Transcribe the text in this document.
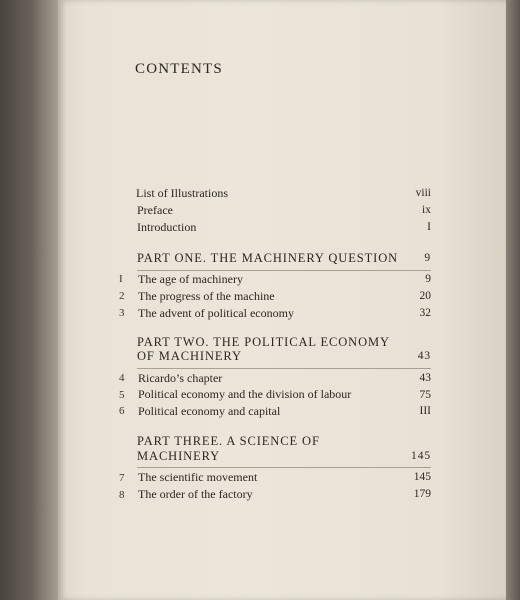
CONTENTS
List of Illustrations	viii
Preface	ix
Introduction	I
PART ONE. THE MACHINERY QUESTION	9
I The age of machinery	9
2 The progress of the machine	20
3 The advent of political economy	32
PART TWO. THE POLITICAL ECONOMY
OF MACHINERY	43
4 Ricardo’s chapter	43
5 Political economy and the division of labour	75
6 Political economy and capital	III
PART THREE. A SCIENCE OF
MACHINERY	145
7 The scientific movement	145
8 The order of the factory	179
